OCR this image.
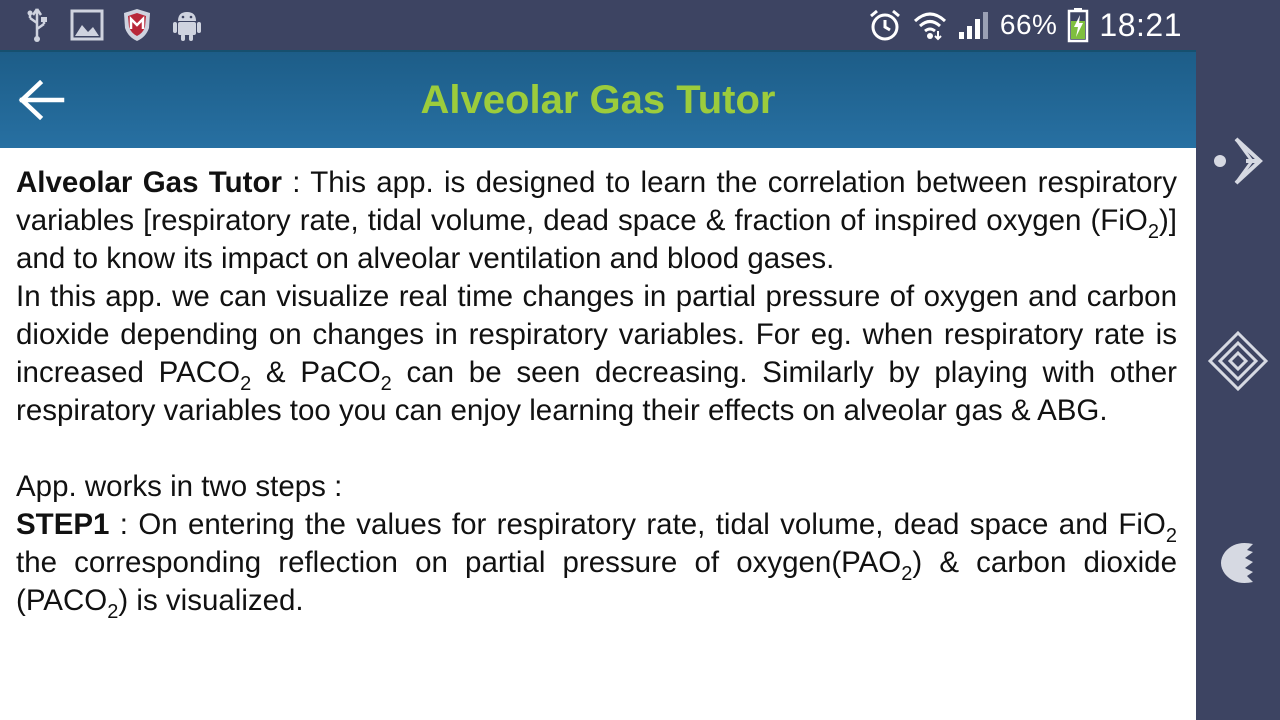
66% 18:21
Alveolar Gas Tutor

Alveolar Gas Tutor : This app. is designed to learn the correlation between respiratory variables [respiratory rate, tidal volume, dead space & fraction of inspired oxygen (FiO$_2$)] and to know its impact on alveolar ventilation and blood gases.

In this app. we can visualize real time changes in partial pressure of oxygen and carbon dioxide depending on changes in respiratory variables. For eg. when respiratory rate is increased $PACO_2$ & PaCO$_2$ can be seen decreasing. Similarly by playing with other respiratory variables too you can enjoy learning their effects on alveolar gas & ABG.

App. works in two steps :

STEP1 : On entering the values for respiratory rate, tidal volume, dead space and FiO$_2$ the corresponding reflection on partial pressure of $oxygen(PAO_2)$ & carbon dioxide $(PACO_2)$ is visualized.
